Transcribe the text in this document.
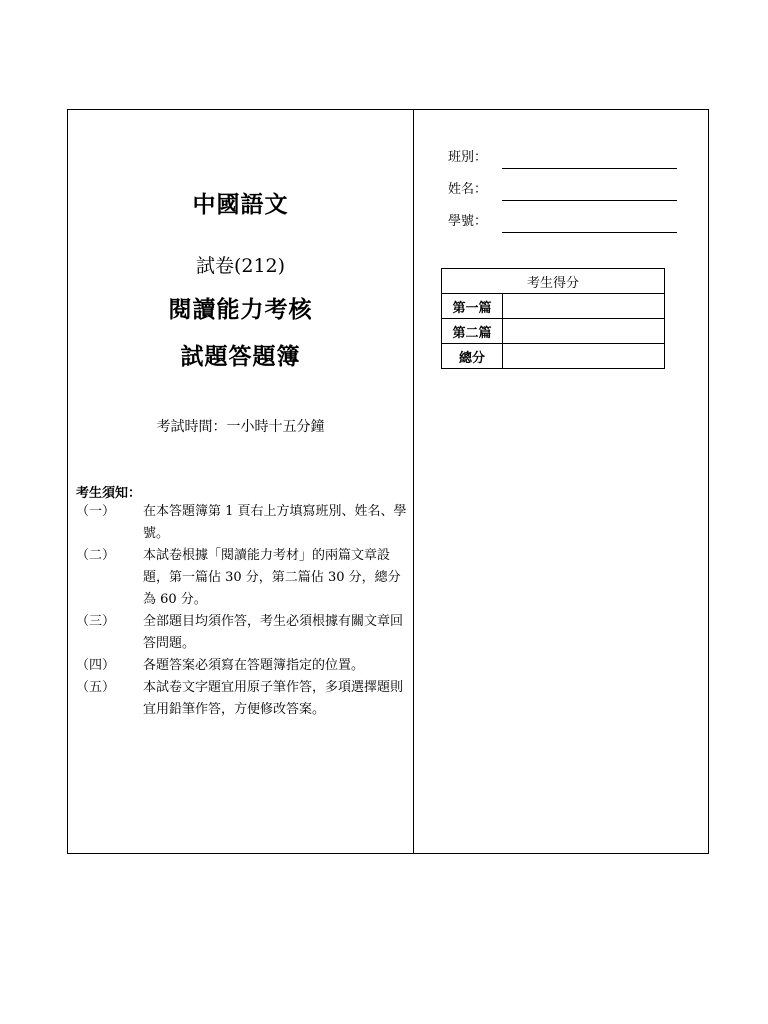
中國語文
試卷(212)
閱讀能力考核
試題答題簿
考試時間：一小時十五分鐘
考生須知：
（一）	在本答題簿第 1 頁右上方填寫班別、姓名、學號。
（二）	本試卷根據「閱讀能力考材」的兩篇文章設題，第一篇佔 30 分，第二篇佔 30 分，總分為 60 分。
（三）	全部題目均須作答，考生必須根據有關文章回答問題。
（四）	各題答案必須寫在答題簿指定的位置。
（五）	本試卷文字題宜用原子筆作答，多項選擇題則宜用鉛筆作答，方便修改答案。
班別：
姓名：
學號：
考生得分	
第一篇	
第二篇	
總分	
